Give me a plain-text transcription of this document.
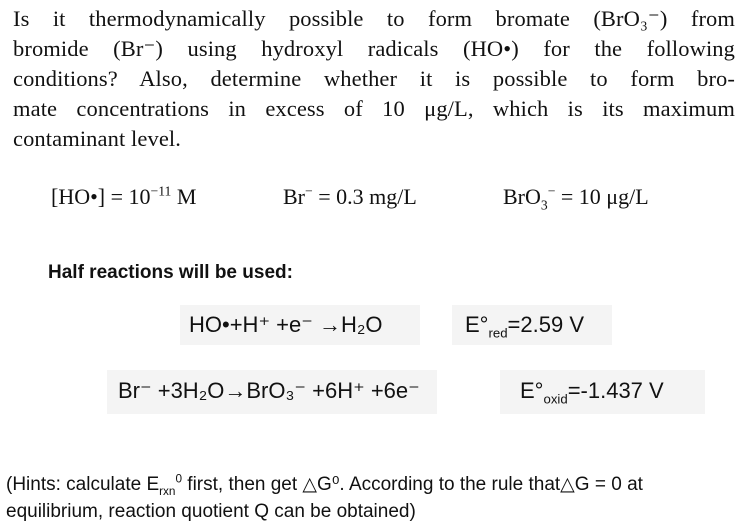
Is it thermodynamically possible to form bromate (BrO₃⁻) from
bromide (Br⁻) using hydroxyl radicals (HO•) for the following
conditions? Also, determine whether it is possible to form bro-
mate concentrations in excess of 10 μg/L, which is its maximum
contaminant level.
[HO•] = $10^{-11}$ M	Br− = 0.3 mg/L	BrO$_3$− = 10 μg/L
Half reactions will be used:
HO•+H⁺ +e⁻ →H₂O	$E^\circ_{red}=2.59$ V
Br⁻ +3H₂O→BrO₃⁻ +6H⁺ +6e⁻	$E^\circ_{oxid}=-1.437$ V
(Hints: calculate $E_{rxn}^0$ first, then get △G⁰. According to the rule that△G = 0 at
equilibrium, reaction quotient Q can be obtained)
